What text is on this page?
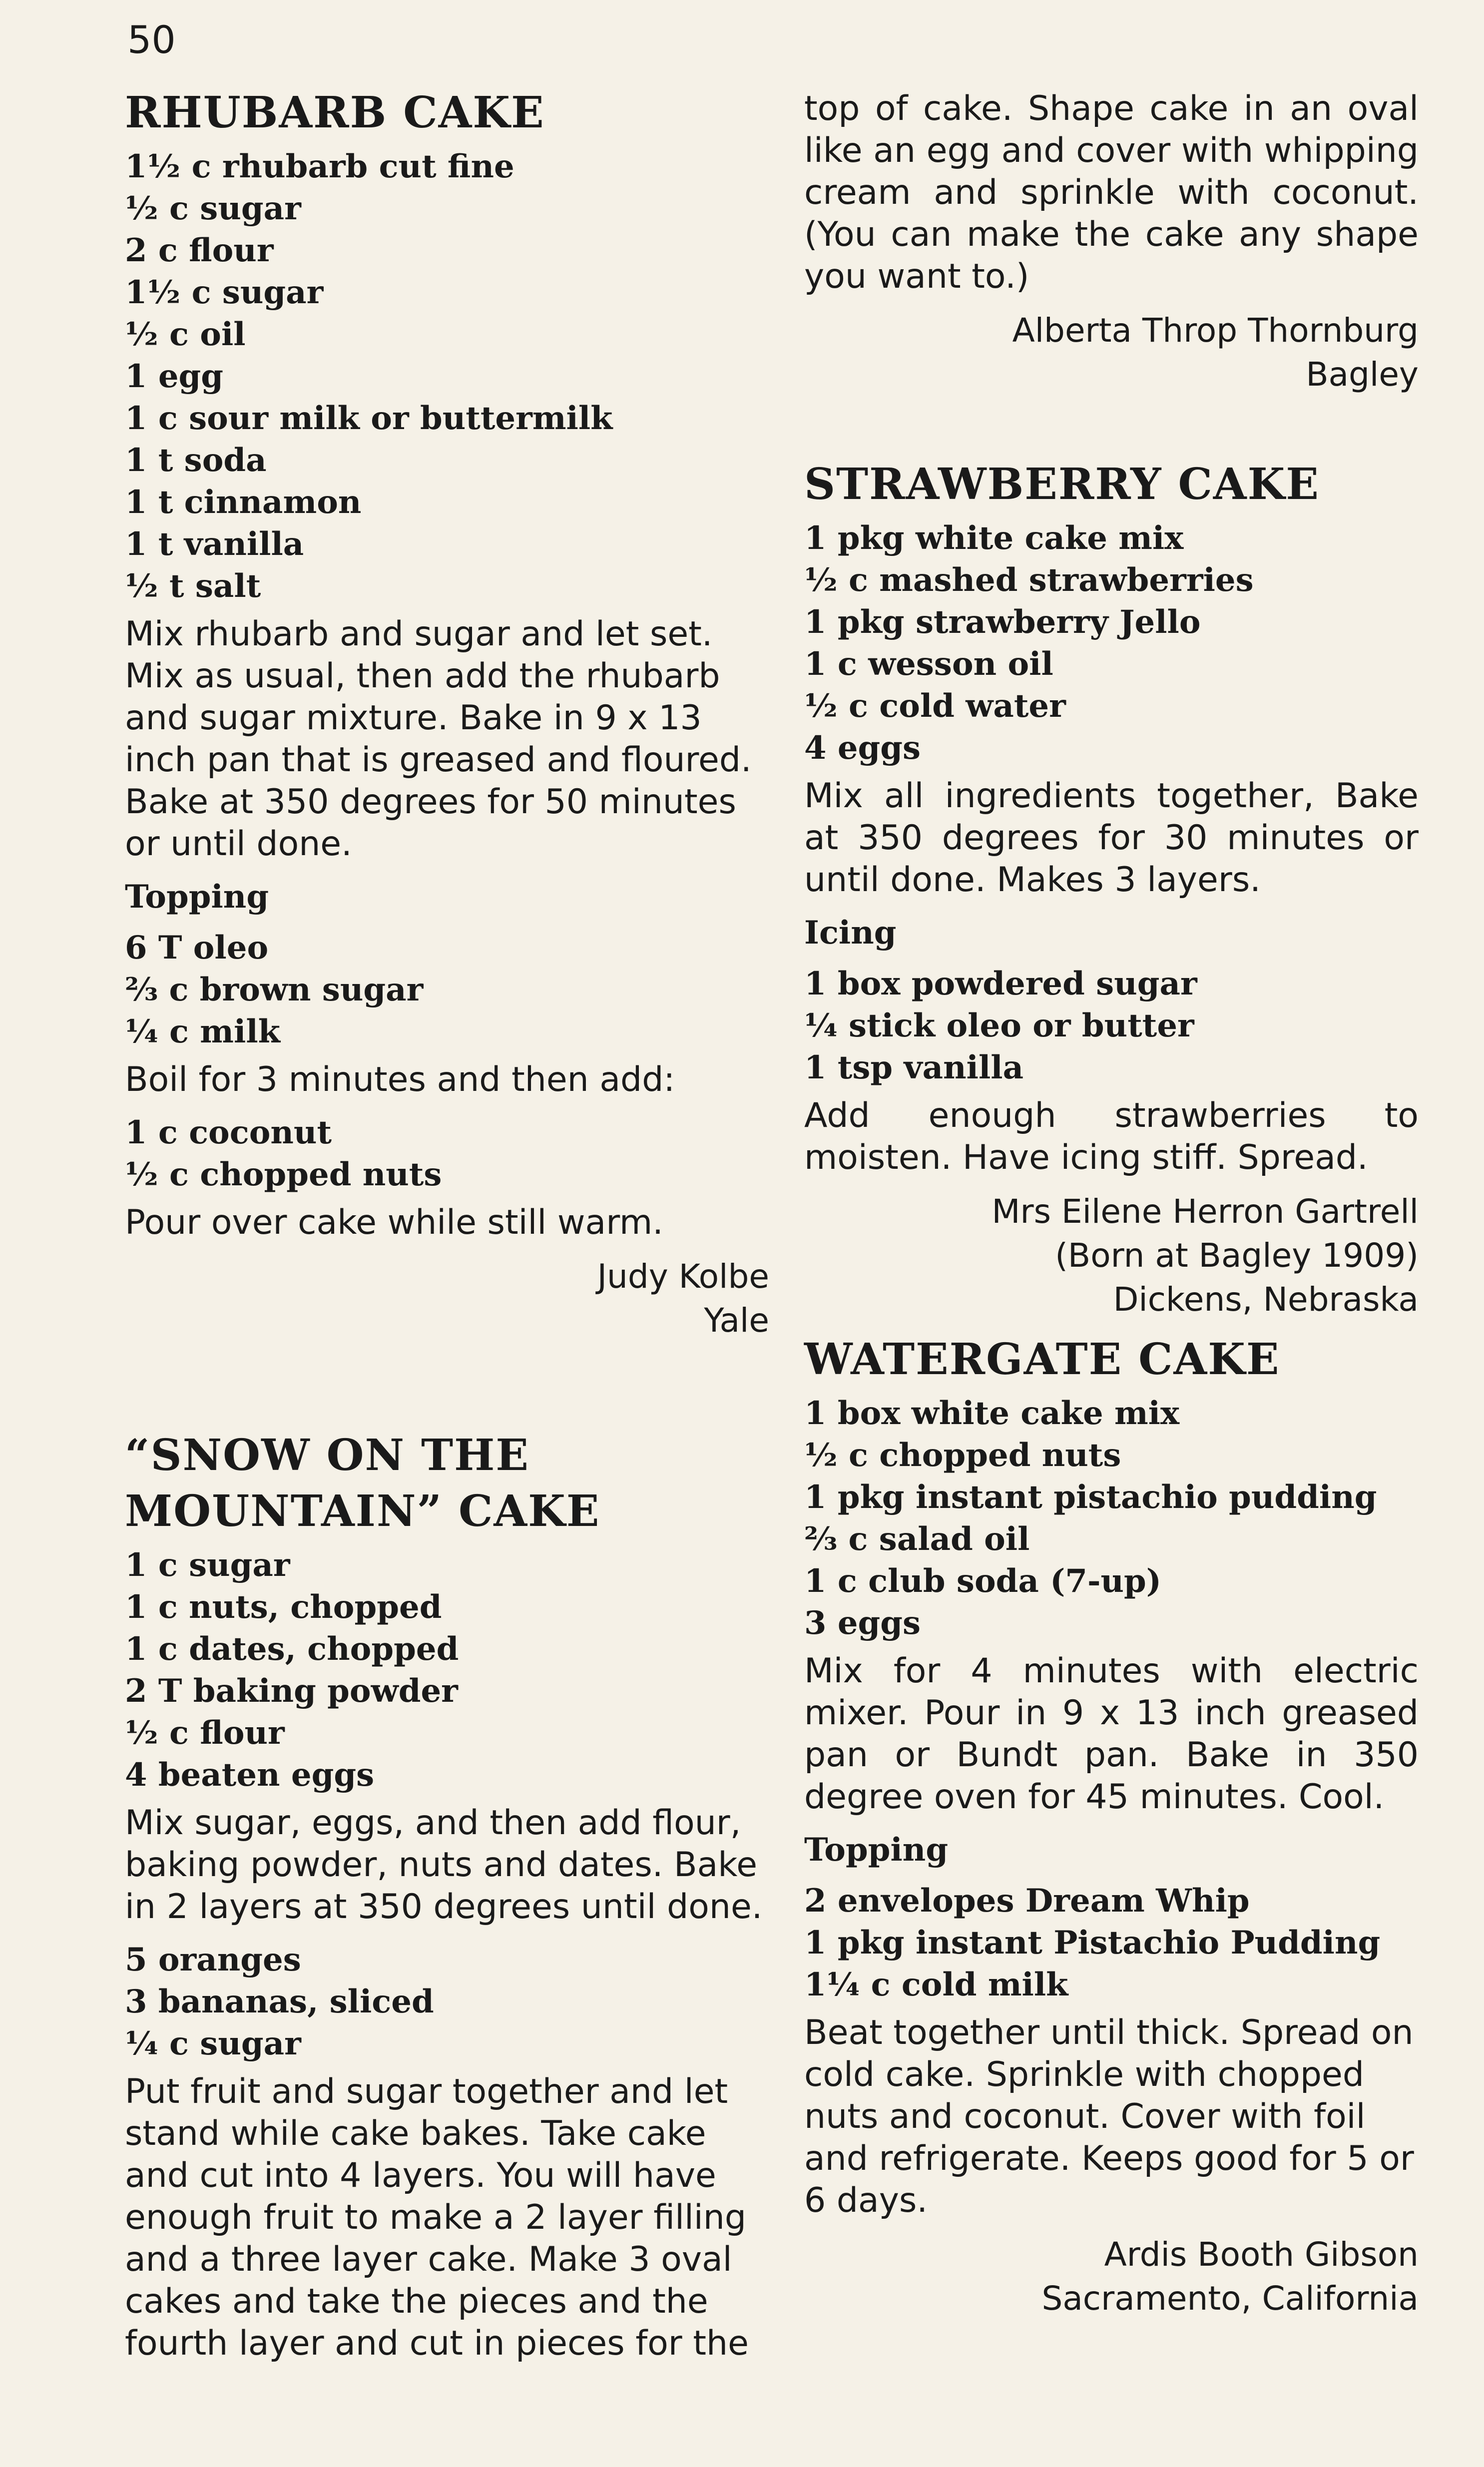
50
RHUBARB CAKE
1½ c rhubarb cut fine
½ c sugar
2 c flour
1½ c sugar
½ c oil
1 egg
1 c sour milk or buttermilk
1 t soda
1 t cinnamon
1 t vanilla
½ t salt

Mix rhubarb and sugar and let set. Mix as usual, then add the rhubarb and sugar mixture. Bake in 9 x 13 inch pan that is greased and floured. Bake at 350 degrees for 50 minutes or until done.

Topping
6 T oleo
⅔ c brown sugar
¼ c milk

Boil for 3 minutes and then add:

1 c coconut
½ c chopped nuts

Pour over cake while still warm.

Judy Kolbe
Yale
“SNOW ON THE
MOUNTAIN” CAKE
1 c sugar
1 c nuts, chopped
1 c dates, chopped
2 T baking powder
½ c flour
4 beaten eggs

Mix sugar, eggs, and then add flour, baking powder, nuts and dates. Bake in 2 layers at 350 degrees until done.

5 oranges
3 bananas, sliced
¼ c sugar

Put fruit and sugar together and let stand while cake bakes. Take cake and cut into 4 layers. You will have enough fruit to make a 2 layer filling and a three layer cake. Make 3 oval cakes and take the pieces and the fourth layer and cut in pieces for the

top of cake. Shape cake in an oval like an egg and cover with whipping cream and sprinkle with coconut. (You can make the cake any shape you want to.)

Alberta Throp Thornburg
Bagley
STRAWBERRY CAKE
1 pkg white cake mix
½ c mashed strawberries
1 pkg strawberry Jello
1 c wesson oil
½ c cold water
4 eggs

Mix all ingredients together, Bake at 350 degrees for 30 minutes or until done. Makes 3 layers.

Icing
1 box powdered sugar
¼ stick oleo or butter
1 tsp vanilla

Add enough strawberries to moisten. Have icing stiff. Spread.

Mrs Eilene Herron Gartrell
(Born at Bagley 1909)
Dickens, Nebraska
WATERGATE CAKE
1 box white cake mix
½ c chopped nuts
1 pkg instant pistachio pudding
⅔ c salad oil
1 c club soda (7-up)
3 eggs

Mix for 4 minutes with electric mixer. Pour in 9 x 13 inch greased pan or Bundt pan. Bake in 350 degree oven for 45 minutes. Cool.

Topping
2 envelopes Dream Whip
1 pkg instant Pistachio Pudding
1¼ c cold milk

Beat together until thick. Spread on cold cake. Sprinkle with chopped nuts and coconut. Cover with foil and refrigerate. Keeps good for 5 or 6 days.

Ardis Booth Gibson
Sacramento, California
